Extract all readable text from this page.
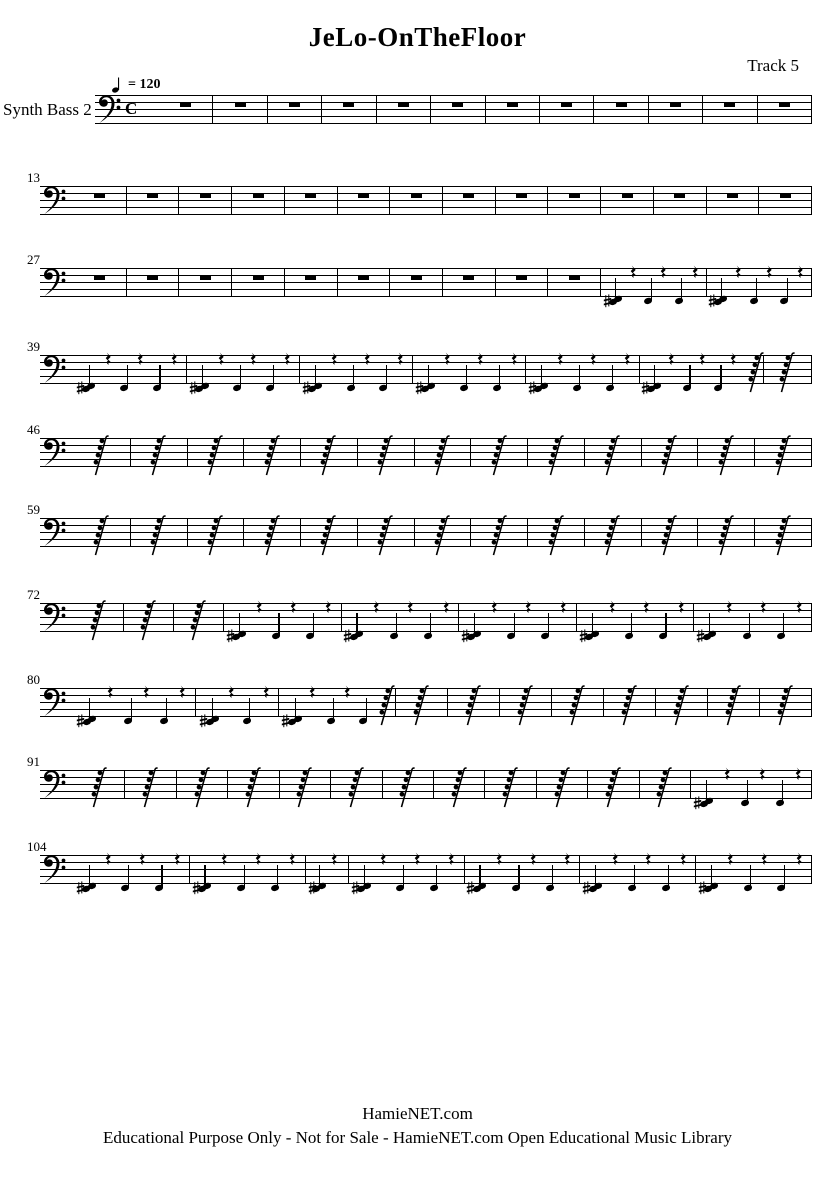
JeLo-OnTheFloor
Track 5
Synth Bass 2 C
HamieNET.com
Educational Purpose Only - Not for Sale - HamieNET.com Open Educational Music Library
13
27
39
46
59
72
80
91
104
